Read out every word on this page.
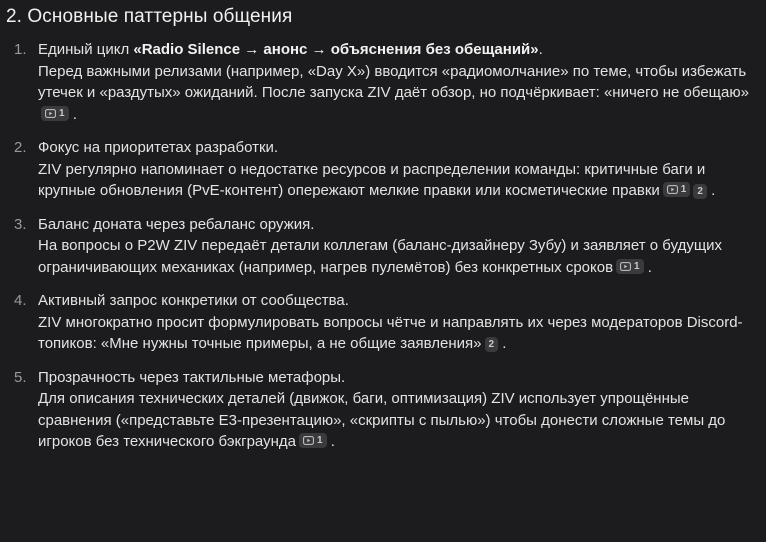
2. Основные паттерны общения
1. Единый цикл «Radio Silence → анонс → объяснения без обещаний».
Перед важными релизами (например, «Day X») вводится «радиомолчание» по теме, чтобы избежать утечек и «раздутых» ожиданий. После запуска ZIV даёт обзор, но подчёркивает: «ничего не обещаю»
1 .
2. Фокус на приоритетах разработки.
ZIV регулярно напоминает о недостатке ресурсов и распределении команды: критичные баги и крупные обновления (PvE-контент) опережают мелкие правки или косметические правки 1 2 .
3. Баланс доната через ребаланс оружия.
На вопросы о P2W ZIV передаёт детали коллегам (баланс-дизайнеру Зубу) и заявляет о будущих ограничивающих механиках (например, нагрев пулемётов) без конкретных сроков 1 .
4. Активный запрос конкретики от сообщества.
ZIV многократно просит формулировать вопросы чётче и направлять их через модераторов Discord-топиков: «Мне нужны точные примеры, а не общие заявления» 2 .
5. Прозрачность через тактильные метафоры.
Для описания технических деталей (движок, баги, оптимизация) ZIV использует упрощённые сравнения («представьте E3-презентацию», «скрипты с пылью») чтобы донести сложные темы до игроков без технического бэкграунда 1 .
